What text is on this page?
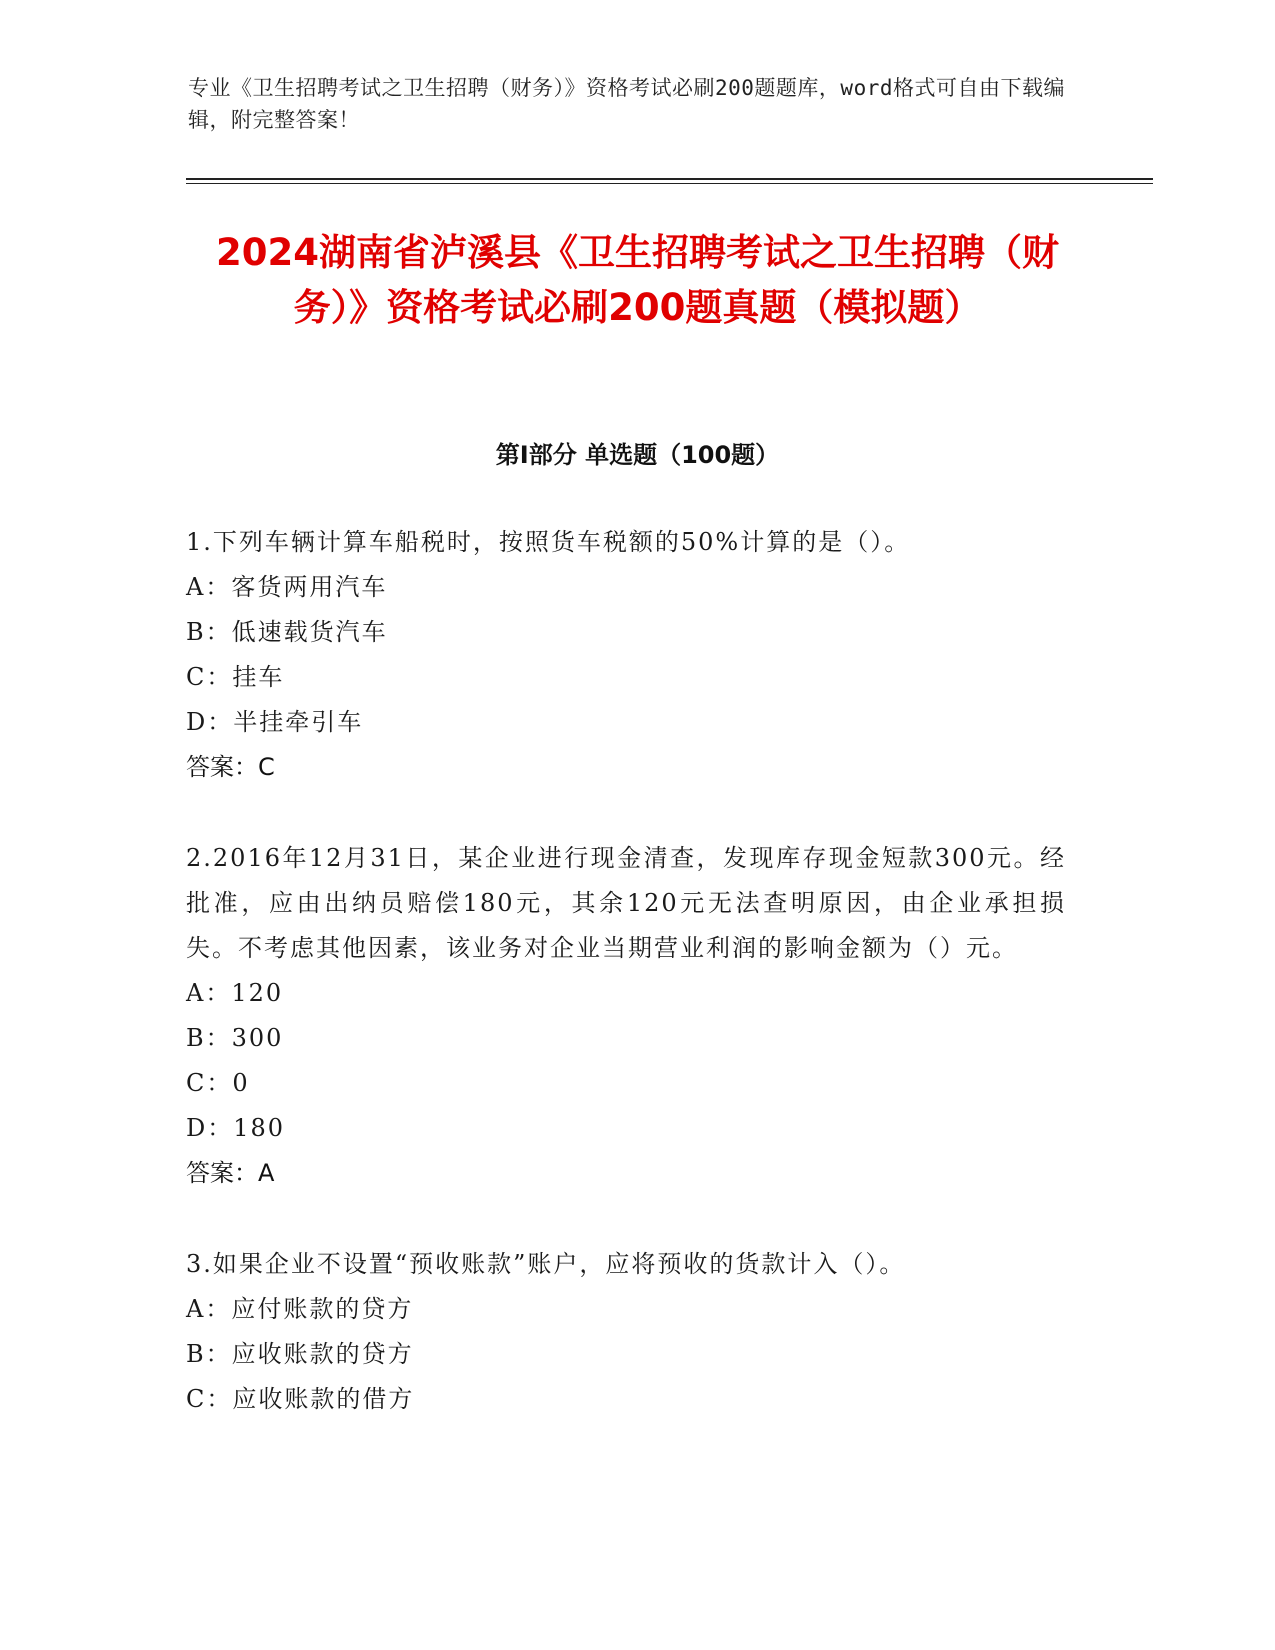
专业《卫生招聘考试之卫生招聘（财务）》资格考试必刷200题题库，word格式可自由下载编辑，附完整答案！
2024湖南省泸溪县《卫生招聘考试之卫生招聘（财务）》资格考试必刷200题真题（模拟题）
第Ⅰ部分 单选题（100题）

1.下列车辆计算车船税时，按照货车税额的50%计算的是（）。

A：客货两用汽车

B：低速载货汽车

C：挂车

D：半挂牵引车

答案：C

2.2016年12月31日，某企业进行现金清查，发现库存现金短款300元。经批准，应由出纳员赔偿180元，其余120元无法查明原因，由企业承担损失。不考虑其他因素，该业务对企业当期营业利润的影响金额为（）元。

A：120

B：300

C：0

D：180

答案：A

3.如果企业不设置“预收账款”账户，应将预收的货款计入（）。

A：应付账款的贷方

B：应收账款的贷方

C：应收账款的借方
